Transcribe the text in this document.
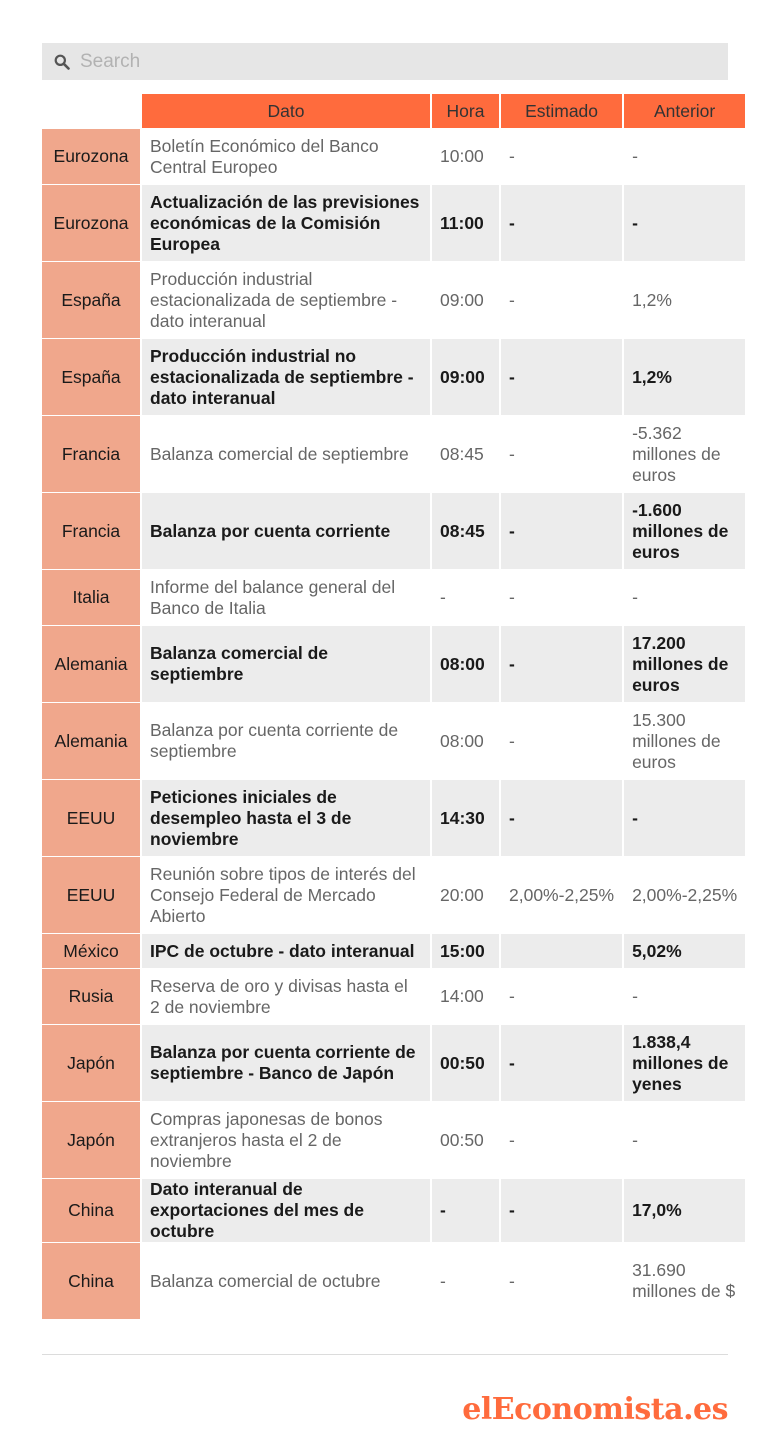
Search
	Dato	Hora	Estimado	Anterior
Eurozona	Boletín Económico del Banco Central Europeo	10:00	-	-
Eurozona	Actualización de las previsiones económicas de la Comisión Europea	11:00	-	-
España	Producción industrial estacionalizada de septiembre - dato interanual	09:00	-	1,2%
España	Producción industrial no estacionalizada de septiembre - dato interanual	09:00	-	1,2%
Francia	Balanza comercial de septiembre	08:45	-	-5.362 millones de euros
Francia	Balanza por cuenta corriente	08:45	-	-1.600 millones de euros
Italia	Informe del balance general del Banco de Italia	-	-	-
Alemania	Balanza comercial de septiembre	08:00	-	17.200 millones de euros
Alemania	Balanza por cuenta corriente de septiembre	08:00	-	15.300 millones de euros
EEUU	Peticiones iniciales de desempleo hasta el 3 de noviembre	14:30	-	-
EEUU	Reunión sobre tipos de interés del Consejo Federal de Mercado Abierto	20:00	2,00%-2,25%	2,00%-2,25%
México	IPC de octubre - dato interanual	15:00		5,02%
Rusia	Reserva de oro y divisas hasta el 2 de noviembre	14:00	-	-
Japón	Balanza por cuenta corriente de septiembre - Banco de Japón	00:50	-	1.838,4 millones de yenes
Japón	Compras japonesas de bonos extranjeros hasta el 2 de noviembre	00:50	-	-
China	Dato interanual de exportaciones del mes de octubre	-	-	17,0%
China	Balanza comercial de octubre	-	-	31.690 millones de $
elEconomista.es
